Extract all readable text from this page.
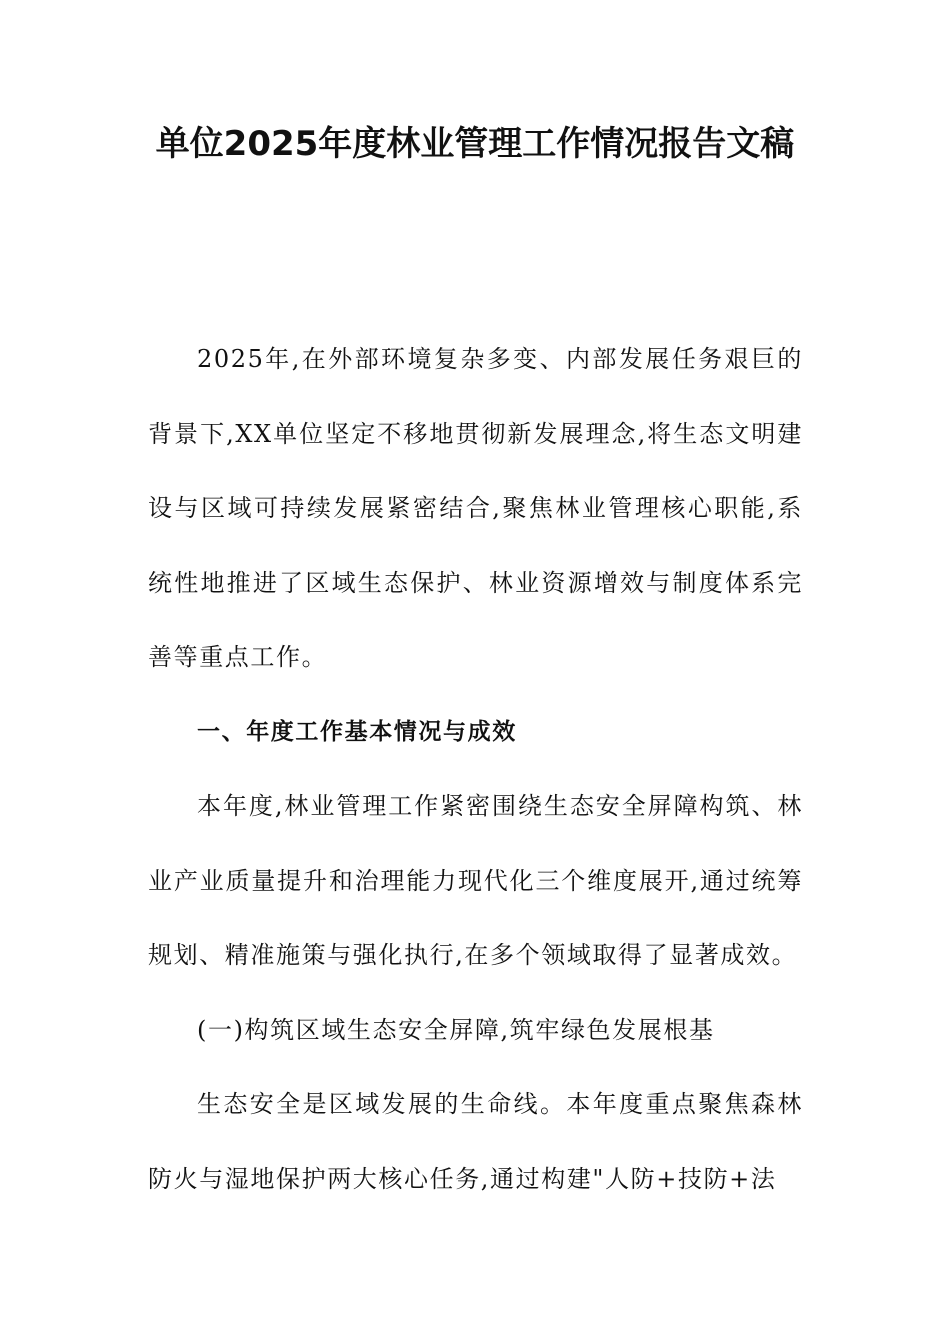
单位2025年度林业管理工作情况报告文稿

2025年,在外部环境复杂多变、内部发展任务艰巨的背景下,XX单位坚定不移地贯彻新发展理念,将生态文明建设与区域可持续发展紧密结合,聚焦林业管理核心职能,系统性地推进了区域生态保护、林业资源增效与制度体系完善等重点工作。

一、年度工作基本情况与成效

本年度,林业管理工作紧密围绕生态安全屏障构筑、林业产业质量提升和治理能力现代化三个维度展开,通过统筹规划、精准施策与强化执行,在多个领域取得了显著成效。

(一)构筑区域生态安全屏障,筑牢绿色发展根基

生态安全是区域发展的生命线。本年度重点聚焦森林防火与湿地保护两大核心任务,通过构建"人防+技防+法
